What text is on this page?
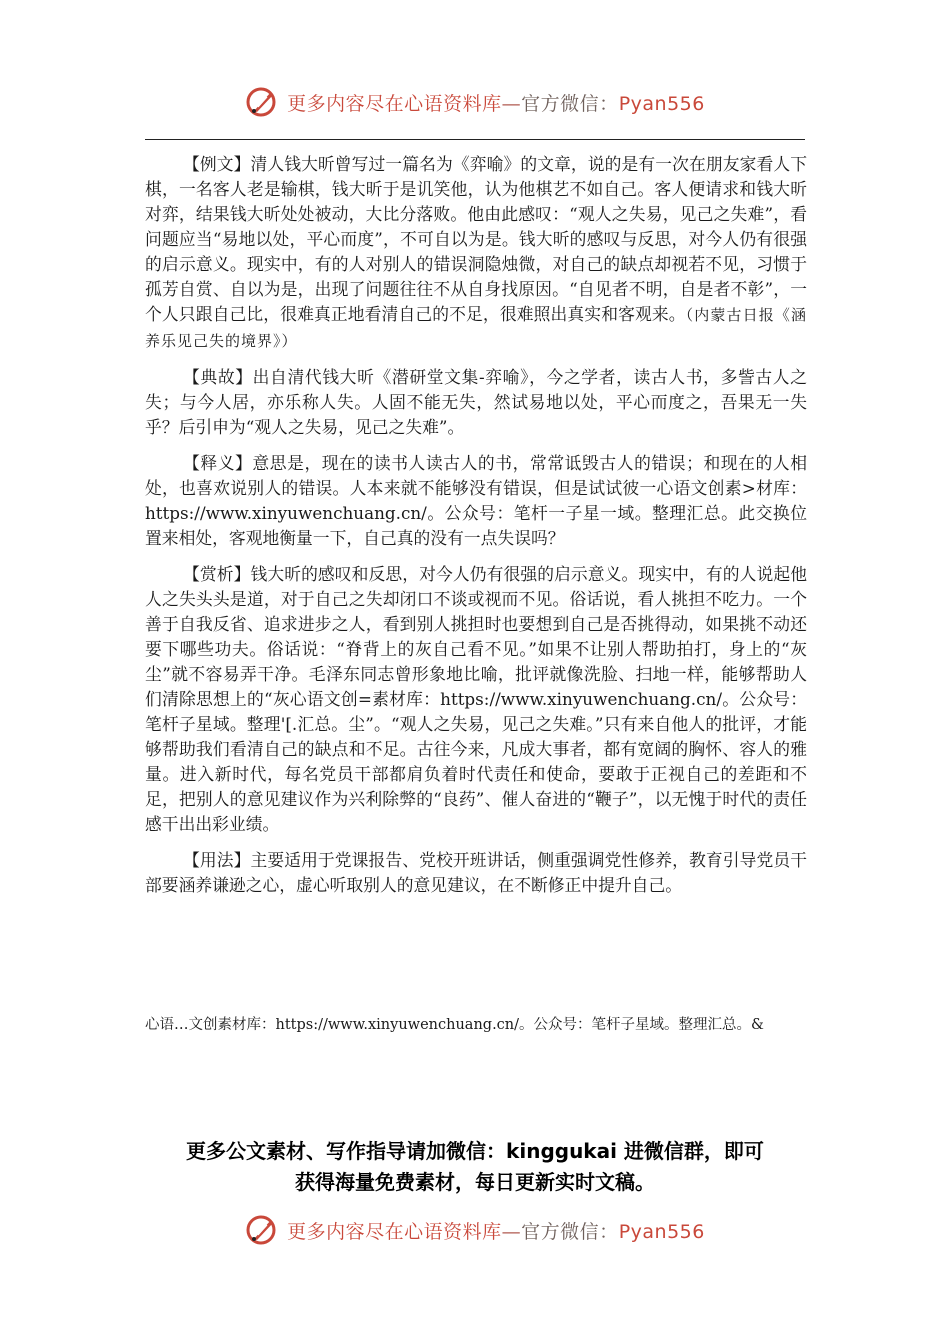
更多内容尽在心语资料库—官方微信：Pyan556

【例文】清人钱大昕曾写过一篇名为《弈喻》的文章，说的是有一次在朋友家看人下棋，一名客人老是输棋，钱大昕于是讥笑他，认为他棋艺不如自己。客人便请求和钱大昕对弈，结果钱大昕处处被动，大比分落败。他由此感叹：“观人之失易，见己之失难”，看问题应当“易地以处，平心而度”，不可自以为是。钱大昕的感叹与反思，对今人仍有很强的启示意义。现实中，有的人对别人的错误洞隐烛微，对自己的缺点却视若不见，习惯于孤芳自赏、自以为是，出现了问题往往不从自身找原因。“自见者不明，自是者不彰”，一个人只跟自己比，很难真正地看清自己的不足，很难照出真实和客观来。（内蒙古日报《涵养乐见己失的境界》）

【典故】出自清代钱大昕《潜研堂文集-弈喻》，今之学者，读古人书，多訾古人之失；与今人居，亦乐称人失。人固不能无失，然试易地以处，平心而度之，吾果无一失乎？后引申为“观人之失易，见己之失难”。

【释义】意思是，现在的读书人读古人的书，常常诋毁古人的错误；和现在的人相处，也喜欢说别人的错误。人本来就不能够没有错误，但是试试彼一心语文创素>材库：https://www.xinyuwenchuang.cn/。公众号：笔杆一子星一域。整理汇总。此交换位置来相处，客观地衡量一下，自己真的没有一点失误吗？

【赏析】钱大昕的感叹和反思，对今人仍有很强的启示意义。现实中，有的人说起他人之失头头是道，对于自己之失却闭口不谈或视而不见。俗话说，看人挑担不吃力。一个善于自我反省、追求进步之人，看到别人挑担时也要想到自己是否挑得动，如果挑不动还要下哪些功夫。俗话说：“脊背上的灰自己看不见。”如果不让别人帮助拍打，身上的“灰尘”就不容易弄干净。毛泽东同志曾形象地比喻，批评就像洗脸、扫地一样，能够帮助人们清除思想上的“灰心语文创=素材库：https://www.xinyuwenchuang.cn/。公众号：笔杆子星域。整理'[.汇总。尘”。“观人之失易，见己之失难。”只有来自他人的批评，才能够帮助我们看清自己的缺点和不足。古往今来，凡成大事者，都有宽阔的胸怀、容人的雅量。进入新时代，每名党员干部都肩负着时代责任和使命，要敢于正视自己的差距和不足，把别人的意见建议作为兴利除弊的“良药”、催人奋进的“鞭子”，以无愧于时代的责任感干出出彩业绩。

【用法】主要适用于党课报告、党校开班讲话，侧重强调党性修养，教育引导党员干部要涵养谦逊之心，虚心听取别人的意见建议，在不断修正中提升自己。

心语…文创素材库：https://www.xinyuwenchuang.cn/。公众号：笔杆子星域。整理汇总。&
更多公文素材、写作指导请加微信：kinggukai 进微信群，即可
获得海量免费素材，每日更新实时文稿。
更多内容尽在心语资料库—官方微信：Pyan556
